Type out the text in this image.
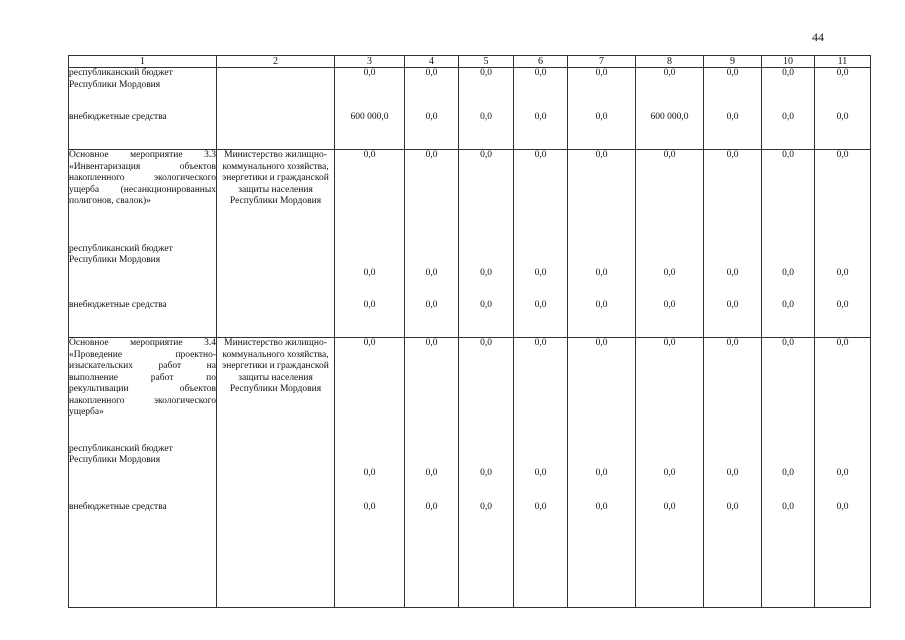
44
1	2	3	4	5	6	7	8	9	10	11
республиканский бюджет Республики Мордовия		0,0	0,0	0,0	0,0	0,0	0,0	0,0	0,0	0,0
внебюджетные средства		600 000,0	0,0	0,0	0,0	0,0	600 000,0	0,0	0,0	0,0
Основное мероприятие 3.3 «Инвентаризация объектов накопленного экологического ущерба (несанкционированных полигонов, свалок)»	Министерство жилищно-коммунального хозяйства, энергетики и гражданской защиты населения Республики Мордовия	0,0	0,0	0,0	0,0	0,0	0,0	0,0	0,0	0,0
республиканский бюджет Республики Мордовия		0,0	0,0	0,0	0,0	0,0	0,0	0,0	0,0	0,0
внебюджетные средства		0,0	0,0	0,0	0,0	0,0	0,0	0,0	0,0	0,0
Основное мероприятие 3.4 «Проведение проектно-изыскательских работ на выполнение работ по рекультивации объектов накопленного экологического ущерба»	Министерство жилищно-коммунального хозяйства, энергетики и гражданской защиты населения Республики Мордовия	0,0	0,0	0,0	0,0	0,0	0,0	0,0	0,0	0,0
республиканский бюджет Республики Мордовия		0,0	0,0	0,0	0,0	0,0	0,0	0,0	0,0	0,0
внебюджетные средства		0,0	0,0	0,0	0,0	0,0	0,0	0,0	0,0	0,0
